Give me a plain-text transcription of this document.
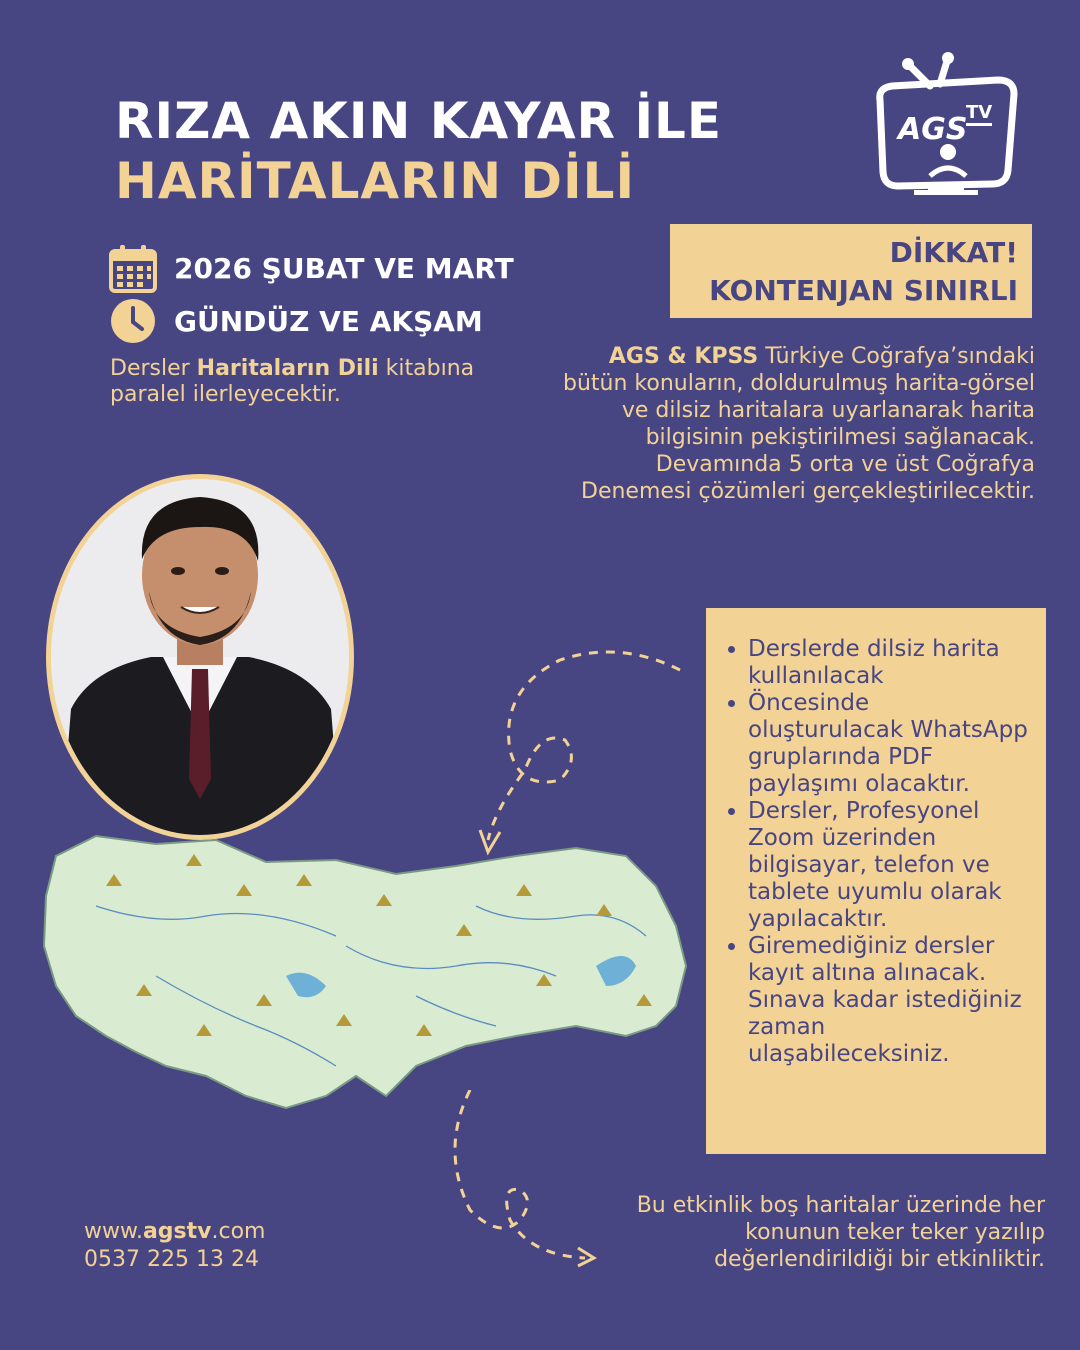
RIZA AKIN KAYAR İLE
HARİTALARIN DİLİ
AGS
TV
2026 ŞUBAT VE MART
GÜNDÜZ VE AKŞAM
Dersler Haritaların Dili kitabına paralel ilerleyecektir.
DİKKAT!
KONTENJAN SINIRLI
AGS & KPSS Türkiye Coğrafya’sındaki bütün konuların, doldurulmuş harita-görsel ve dilsiz haritalara uyarlanarak harita bilgisinin pekiştirilmesi sağlanacak.
Devamında 5 orta ve üst Coğrafya Denemesi çözümleri gerçekleştirilecektir.
• Derslerde dilsiz harita kullanılacak
• Öncesinde oluşturulacak WhatsApp gruplarında PDF paylaşımı olacaktır.
• Dersler, Profesyonel Zoom üzerinden bilgisayar, telefon ve tablete uyumlu olarak yapılacaktır.
• Giremediğiniz dersler kayıt altına alınacak. Sınava kadar istediğiniz zaman ulaşabileceksiniz.
Bu etkinlik boş haritalar üzerinde her konunun teker teker yazılıp değerlendirildiği bir etkinliktir.
www.agstv.com
0537 225 13 24
